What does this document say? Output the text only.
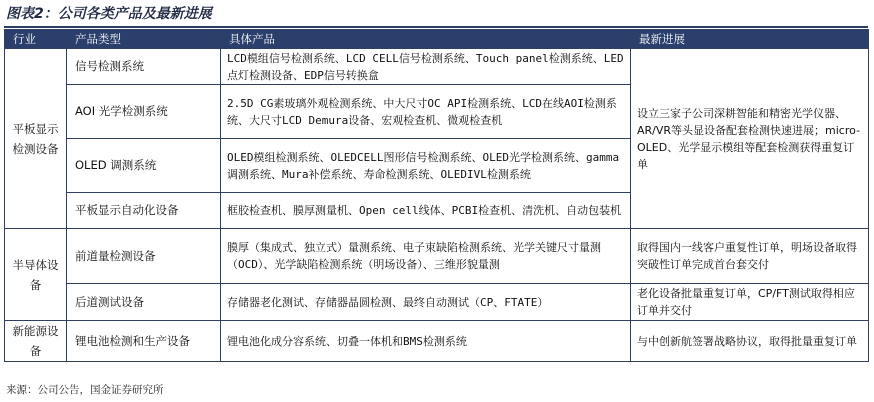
图表2：公司各类产品及最新进展
行业	产品类型	具体产品	最新进展
平板显示检测设备	信号检测系统	LCD模组信号检测系统、LCD CELL信号检测系统、Touch panel检测系统、LED点灯检测设备、EDP信号转换盒	设立三家子公司深耕智能和精密光学仪器、AR/VR等头显设备配套检测快速进展；micro-OLED、光学显示模组等配套检测获得重复订单
	AOI 光学检测系统	2.5D CG素玻璃外观检测系统、中大尺寸OC API检测系统、LCD在线AOI检测系统、大尺寸LCD Demura设备、宏观检查机、微观检查机	
	OLED 调测系统	OLED模组检测系统、OLEDCELL图形信号检测系统、OLED光学检测系统、gamma调测系统、Mura补偿系统、寿命检测系统、OLEDIVL检测系统	
	平板显示自动化设备	框胶检查机、膜厚测量机、Open cell线体、PCBI检查机、清洗机、自动包装机	
半导体设备	前道量检测设备	膜厚（集成式、独立式）量测系统、电子束缺陷检测系统、光学关键尺寸量测（OCD）、光学缺陷检测系统（明场设备）、三维形貌量测	取得国内一线客户重复性订单，明场设备取得突破性订单完成首台套交付
	后道测试设备	存储器老化测试、存储器晶圆检测、最终自动测试（CP、FTATE）	老化设备批量重复订单，CP/FT测试取得相应订单并交付
新能源设备	锂电池检测和生产设备	锂电池化成分容系统、切叠一体机和BMS检测系统	与中创新航签署战略协议，取得批量重复订单
来源：公司公告，国金证券研究所
